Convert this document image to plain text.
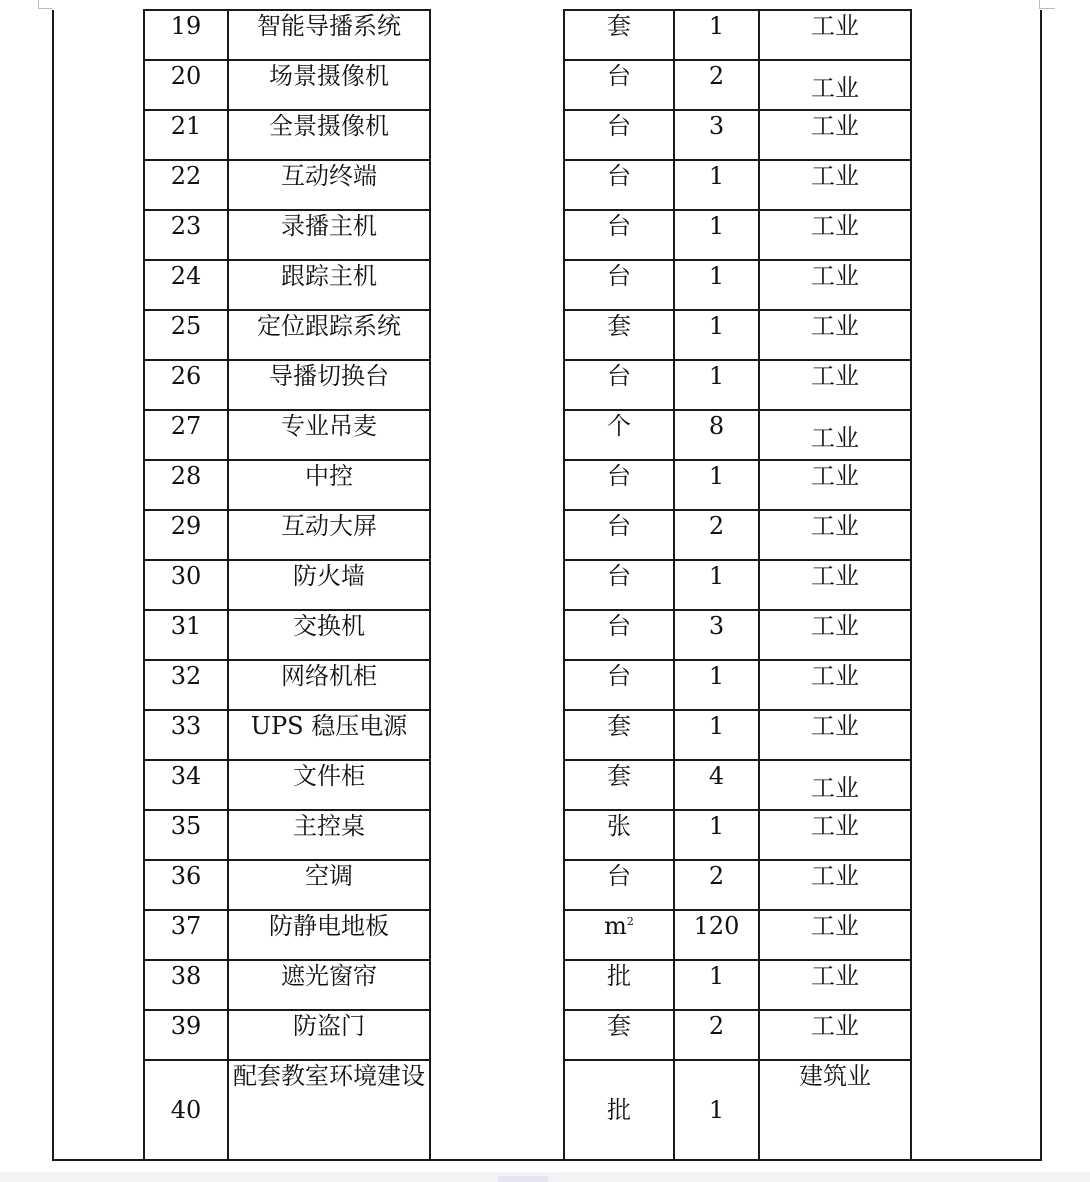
	19	智能导播系统		套	1	工业	
	20	场景摄像机		台	2	工业	
	21	全景摄像机		台	3	工业	
	22	互动终端		台	1	工业	
	23	录播主机		台	1	工业	
	24	跟踪主机		台	1	工业	
	25	定位跟踪系统		套	1	工业	
	26	导播切换台		台	1	工业	
	27	专业吊麦		个	8	工业	
	28	中控		台	1	工业	
	29	互动大屏		台	2	工业	
	30	防火墙		台	1	工业	
	31	交换机		台	3	工业	
	32	网络机柜		台	1	工业	
	33	UPS 稳压电源		套	1	工业	
	34	文件柜		套	4	工业	
	35	主控桌		张	1	工业	
	36	空调		台	2	工业	
	37	防静电地板		$m^2$	120	工业	
	38	遮光窗帘		批	1	工业	
	39	防盗门		套	2	工业	
	40	配套教室环境建设		批	1	建筑业	
